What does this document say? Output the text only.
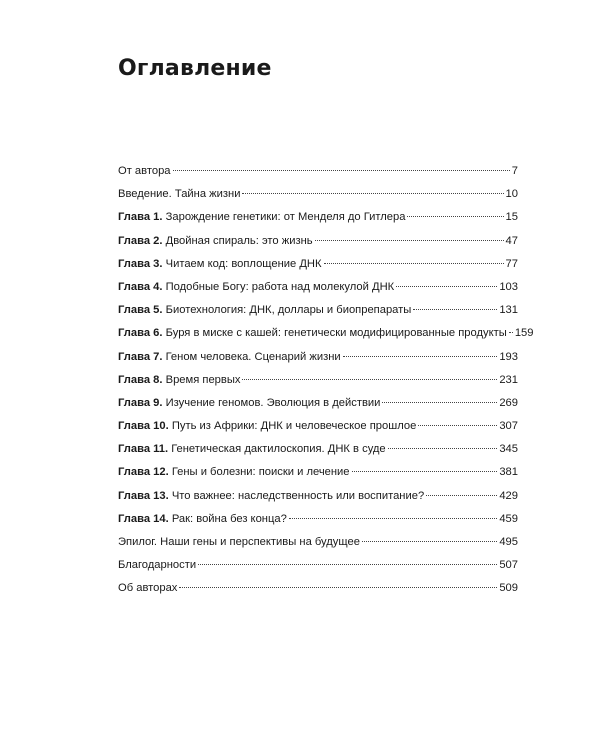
Оглавление
От автора	7
Введение. Тайна жизни	10
Глава 1. Зарождение генетики: от Менделя до Гитлера	15
Глава 2. Двойная спираль: это жизнь	47
Глава 3. Читаем код: воплощение ДНК	77
Глава 4. Подобные Богу: работа над молекулой ДНК	103
Глава 5. Биотехнология: ДНК, доллары и биопрепараты	131
Глава 6. Буря в миске с кашей: генетически модифицированные продукты 159
Глава 7. Геном человека. Сценарий жизни	193
Глава 8. Время первых	231
Глава 9. Изучение геномов. Эволюция в действии	269
Глава 10. Путь из Африки: ДНК и человеческое прошлое	307
Глава 11. Генетическая дактилоскопия. ДНК в суде	345
Глава 12. Гены и болезни: поиски и лечение	381
Глава 13. Что важнее: наследственность или воспитание?	429
Глава 14. Рак: война без конца?	459
Эпилог. Наши гены и перспективы на будущее	495
Благодарности	507
Об авторах	509
